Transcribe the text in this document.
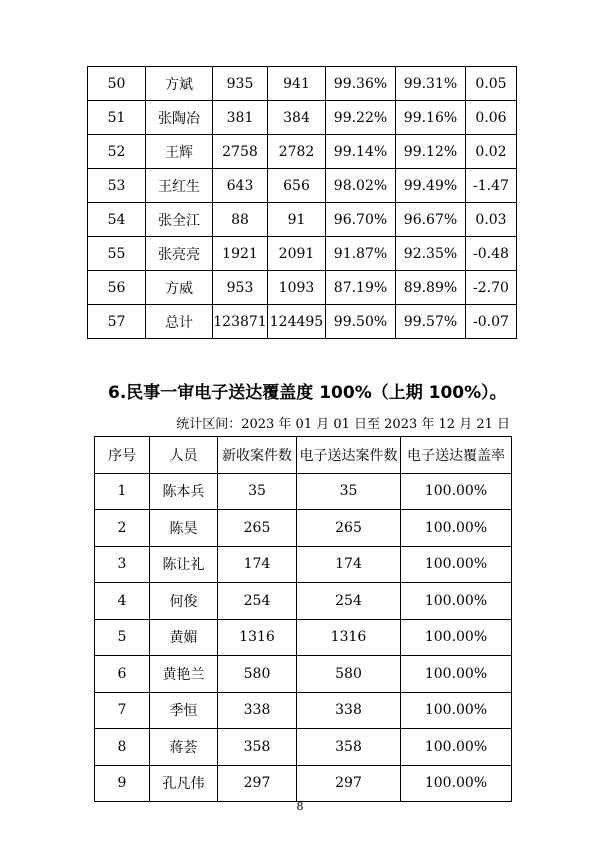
50	方斌	935	941	99.36%	99.31%	0.05
51	张陶冶	381	384	99.22%	99.16%	0.06
52	王辉	2758	2782	99.14%	99.12%	0.02
53	王红生	643	656	98.02%	99.49%	-1.47
54	张全江	88	91	96.70%	96.67%	0.03
55	张亮亮	1921	2091	91.87%	92.35%	-0.48
56	方威	953	1093	87.19%	89.89%	-2.70
57	总计	123871	124495	99.50%	99.57%	-0.07
6.民事一审电子送达覆盖度 100%（上期 100%）。
统计区间：2023 年 01 月 01 日至 2023 年 12 月 21 日
序号	人员	新收案件数	电子送达案件数	电子送达覆盖率
1	陈本兵	35	35	100.00%
2	陈昊	265	265	100.00%
3	陈让礼	174	174	100.00%
4	何俊	254	254	100.00%
5	黄媚	1316	1316	100.00%
6	黄艳兰	580	580	100.00%
7	季恒	338	338	100.00%
8	蒋荟	358	358	100.00%
9	孔凡伟	297	297	100.00%
8
